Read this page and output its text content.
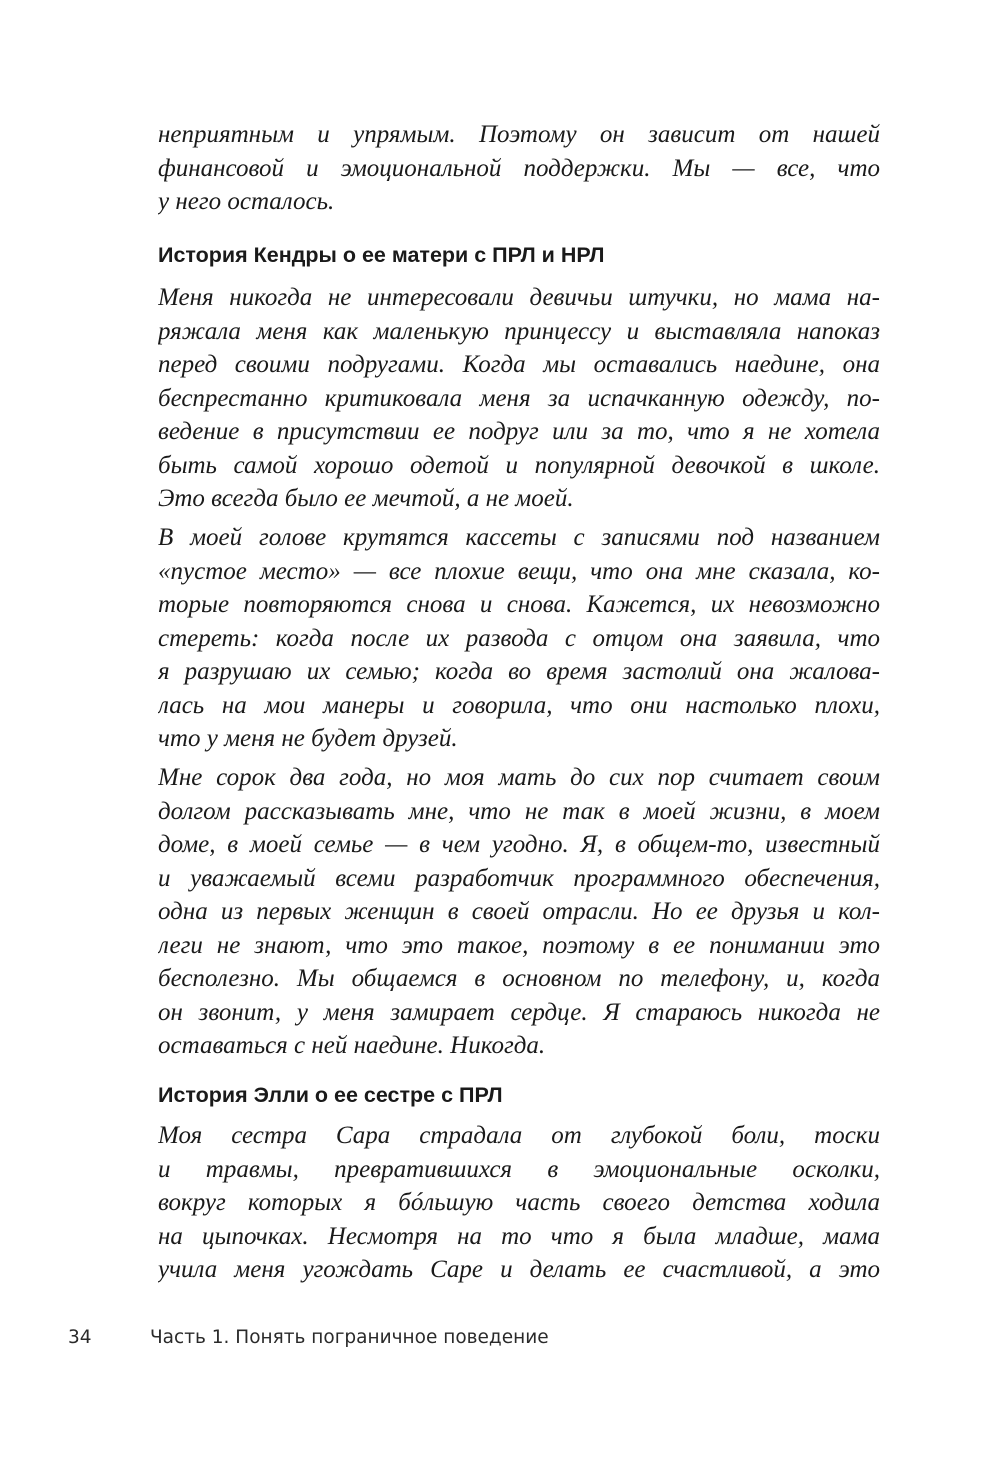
неприятным и упрямым. Поэтому он зависит от нашей
финансовой и эмоциональной поддержки. Мы — все, что
у него осталось.
История Кендры о ее матери с ПРЛ и НРЛ
Меня никогда не интересовали девичьи штучки, но мама на-
ряжала меня как маленькую принцессу и выставляла напоказ
перед своими подругами. Когда мы оставались наедине, она
беспрестанно критиковала меня за испачканную одежду, по-
ведение в присутствии ее подруг или за то, что я не хотела
быть самой хорошо одетой и популярной девочкой в школе.
Это всегда было ее мечтой, а не моей.
В моей голове крутятся кассеты с записями под названием
«пустое место» — все плохие вещи, что она мне сказала, ко-
торые повторяются снова и снова. Кажется, их невозможно
стереть: когда после их развода с отцом она заявила, что
я разрушаю их семью; когда во время застолий она жалова-
лась на мои манеры и говорила, что они настолько плохи,
что у меня не будет друзей.
Мне сорок два года, но моя мать до сих пор считает своим
долгом рассказывать мне, что не так в моей жизни, в моем
доме, в моей семье — в чем угодно. Я, в общем-то, известный
и уважаемый всеми разработчик программного обеспечения,
одна из первых женщин в своей отрасли. Но ее друзья и кол-
леги не знают, что это такое, поэтому в ее понимании это
бесполезно. Мы общаемся в основном по телефону, и, когда
он звонит, у меня замирает сердце. Я стараюсь никогда не
оставаться с ней наедине. Никогда.
История Элли о ее сестре с ПРЛ
Моя сестра Сара страдала от глубокой боли, тоски
и травмы, превратившихся в эмоциональные осколки,
вокруг которых я бóльшую часть своего детства ходила
на цыпочках. Несмотря на то что я была младше, мама
учила меня угождать Саре и делать ее счастливой, а это
34	Часть 1. Понять пограничное поведение
